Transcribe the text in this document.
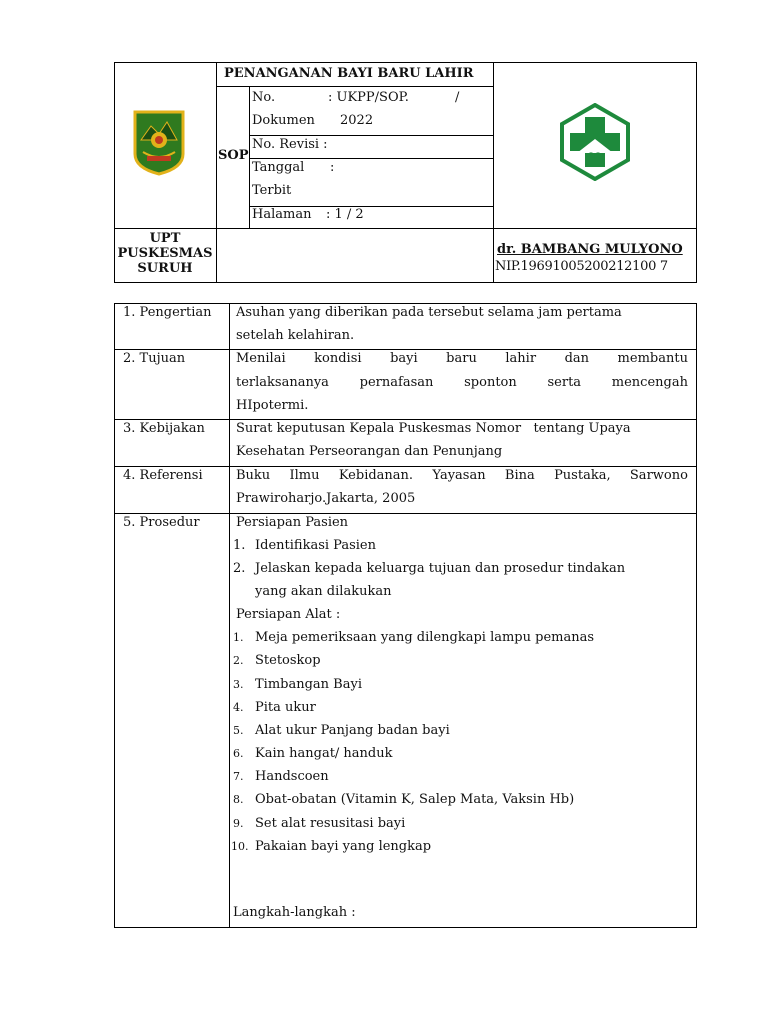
PENANGANAN BAYI BARU LAHIR
SOP
No.	: UKPP/SOP.	/
Dokumen 2022
No. Revisi :
Tanggal :
Terbit
Halaman : 1 / 2
UPT
PUSKESMAS
SURUH
dr. BAMBANG MULYONO
NIP.19691005200212100 7
1. Pengertian Asuhan yang diberikan pada tersebut selama jam pertama
setelah kelahiran.
2. Tujuan	Menilai kondisi bayi baru lahir dan membantu
terlaksananya pernafasan sponton serta mencengah
HIpotermi.
3. Kebijakan Surat keputusan Kepala Puskesmas Nomor   tentang Upaya
Kesehatan Perseorangan dan Penunjang
4. Referensi	Buku Ilmu Kebidanan. Yayasan Bina Pustaka, Sarwono
Prawiroharjo.Jakarta, 2005
5. Prosedur	Persiapan Pasien
1. Identifikasi Pasien
2. Jelaskan kepada keluarga tujuan dan prosedur tindakan
yang akan dilakukan
Persiapan Alat :
1. Meja pemeriksaan yang dilengkapi lampu pemanas
2. Stetoskop
3. Timbangan Bayi
4. Pita ukur
5. Alat ukur Panjang badan bayi
6. Kain hangat/ handuk
7. Handscoen
8. Obat-obatan (Vitamin K, Salep Mata, Vaksin Hb)
9. Set alat resusitasi bayi
10. Pakaian bayi yang lengkap
Langkah-langkah :
